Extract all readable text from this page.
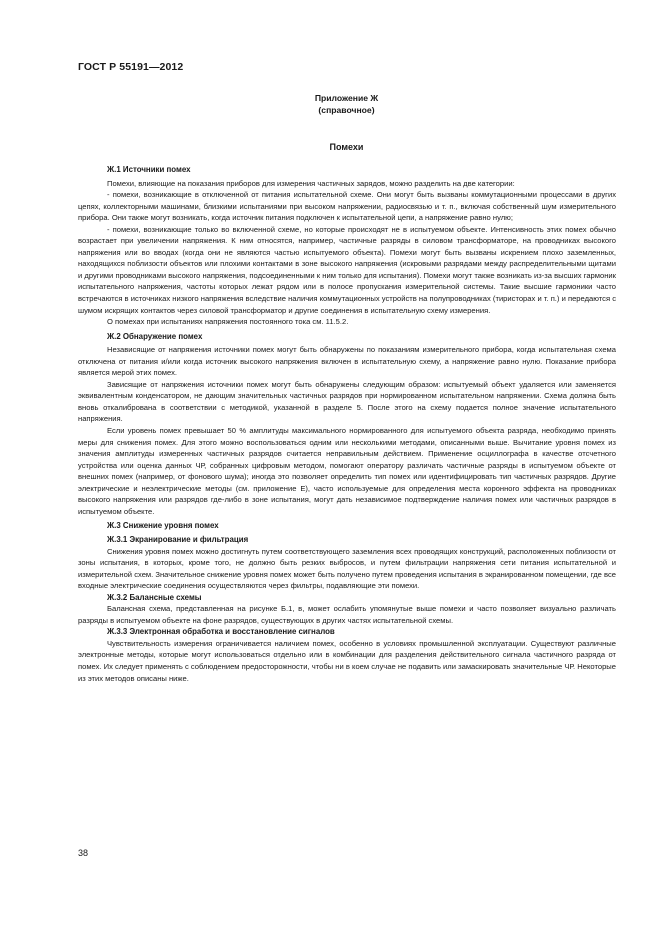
ГОСТ Р 55191—2012
Приложение Ж
(справочное)
Помехи
Ж.1 Источники помех

Помехи, влияющие на показания приборов для измерения частичных зарядов, можно разделить на две категории:

- помехи, возникающие в отключенной от питания испытательной схеме. Они могут быть вызваны коммутационными процессами в других цепях, коллекторными машинами, близкими испытаниями при высоком напряжении, радиосвязью и т. п., включая собственный шум измерительного прибора. Они также могут возникать, когда источник питания подключен к испытательной цепи, а напряжение равно нулю;

- помехи, возникающие только во включенной схеме, но которые происходят не в испытуемом объекте. Интенсивность этих помех обычно возрастает при увеличении напряжения. К ним относятся, например, частичные разряды в силовом трансформаторе, на проводниках высокого напряжения или во вводах (когда они не являются частью испытуемого объекта). Помехи могут быть вызваны искрением плохо заземленных, находящихся поблизости объектов или плохими контактами в зоне высокого напряжения (искровыми разрядами между распределительными щитами и другими проводниками высокого напряжения, подсоединенными к ним только для испытания). Помехи могут также возникать из-за высших гармоник испытательного напряжения, частоты которых лежат рядом или в полосе пропускания измерительной системы. Такие высшие гармоники часто встречаются в источниках низкого напряжения вследствие наличия коммутационных устройств на полупроводниках (тиристорах и т. п.) и передаются с шумом искрящих контактов через силовой трансформатор и другие соединения в испытательную схему измерения.

О помехах при испытаниях напряжения постоянного тока см. 11.5.2.

Ж.2 Обнаружение помех

Независящие от напряжения источники помех могут быть обнаружены по показаниям измерительного прибора, когда испытательная схема отключена от питания и/или когда источник высокого напряжения включен в испытательную схему, а напряжение равно нулю. Показание прибора является мерой этих помех.

Зависящие от напряжения источники помех могут быть обнаружены следующим образом: испытуемый объект удаляется или заменяется эквивалентным конденсатором, не дающим значительных частичных разрядов при нормированном испытательном напряжении. Схема должна быть вновь откалиброванa в соответствии с методикой, указанной в разделе 5. После этого на схему подается полное значение испытательного напряжения.

Если уровень помех превышает 50 % амплитуды максимального нормированного для испытуемого объекта разряда, необходимо принять меры для снижения помех. Для этого можно воспользоваться одним или несколькими методами, описанными выше. Вычитание уровня помех из значения амплитуды измеренных частичных разрядов считается неправильным действием. Применение осциллографа в качестве отсчетного устройства или оценка данных ЧР, собранных цифровым методом, помогают оператору различать частичные разряды в испытуемом объекте от внешних помех (например, от фонового шума); иногда это позволяет определить тип помех или идентифицировать тип частичных разрядов. Другие электрические и неэлектрические методы (см. приложение Е), часто используемые для определения места коронного эффекта на проводниках высокого напряжения или разрядов где-либо в зоне испытания, могут дать независимое подтверждение наличия помех или частичных разрядов в испытуемом объекте.

Ж.3 Снижение уровня помех
Ж.3.1 Экранирование и фильтрация

Снижения уровня помех можно достигнуть путем соответствующего заземления всех проводящих конструкций, расположенных поблизости от зоны испытания, в которых, кроме того, не должно быть резких выбросов, и путем фильтрации напряжения сети питания испытательной и измерительной схем. Значительное снижение уровня помех может быть получено путем проведения испытания в экранированном помещении, где все входные электрические соединения осуществляются через фильтры, подавляющие эти помехи.

Ж.3.2 Балансные схемы

Балансная схема, представленная на рисунке Б.1, в, может ослабить упомянутые выше помехи и часто позволяет визуально различать разряды в испытуемом объекте на фоне разрядов, существующих в других частях испытательной схемы.

Ж.3.3 Электронная обработка и восстановление сигналов

Чувствительность измерения ограничивается наличием помех, особенно в условиях промышленной эксплуатации. Существуют различные электронные методы, которые могут использоваться отдельно или в комбинации для разделения действительного сигнала частичного разряда от помех. Их следует применять с соблюдением предосторожности, чтобы ни в коем случае не подавить или замаскировать значительные ЧР. Некоторые из этих методов описаны ниже.

38
